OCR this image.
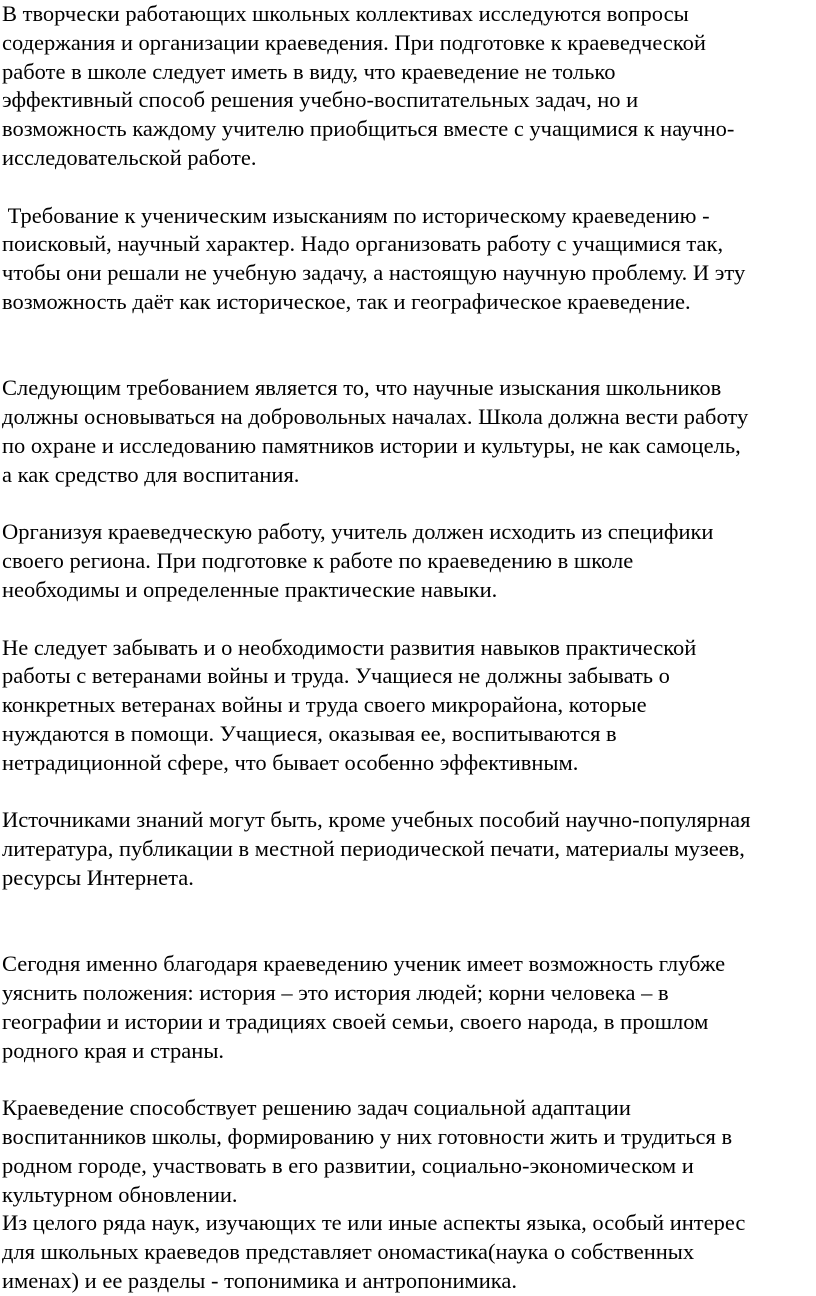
В творчески работающих школьных коллективах исследуются вопросы
содержания и организации краеведения. При подготовке к краеведческой
работе в школе следует иметь в виду, что краеведение не только
эффективный способ решения учебно-воспитательных задач, но и
возможность каждому учителю приобщиться вместе с учащимися к научно-
исследовательской работе.
Требование к ученическим изысканиям по историческому краеведению -
поисковый, научный характер. Надо организовать работу с учащимися так,
чтобы они решали не учебную задачу, а настоящую научную проблему. И эту
возможность даёт как историческое, так и географическое краеведение.
Следующим требованием является то, что научные изыскания школьников
должны основываться на добровольных началах. Школа должна вести работу
по охране и исследованию памятников истории и культуры, не как самоцель,
а как средство для воспитания.
Организуя краеведческую работу, учитель должен исходить из специфики
своего региона. При подготовке к работе по краеведению в школе
необходимы и определенные практические навыки.
Не следует забывать и о необходимости развития навыков практической
работы с ветеранами войны и труда. Учащиеся не должны забывать о
конкретных ветеранах войны и труда своего микрорайона, которые
нуждаются в помощи. Учащиеся, оказывая ее, воспитываются в
нетрадиционной сфере, что бывает особенно эффективным.
Источниками знаний могут быть, кроме учебных пособий научно-популярная
литература, публикации в местной периодической печати, материалы музеев,
ресурсы Интернета.
Сегодня именно благодаря краеведению ученик имеет возможность глубже
уяснить положения: история – это история людей; корни человека – в
географии и истории и традициях своей семьи, своего народа, в прошлом
родного края и страны.
Краеведение способствует решению задач социальной адаптации
воспитанников школы, формированию у них готовности жить и трудиться в
родном городе, участвовать в его развитии, социально-экономическом и
культурном обновлении.
Из целого ряда наук, изучающих те или иные аспекты языка, особый интерес
для школьных краеведов представляет ономастика(наука о собственных
именах) и ее разделы - топонимика и антропонимика.
